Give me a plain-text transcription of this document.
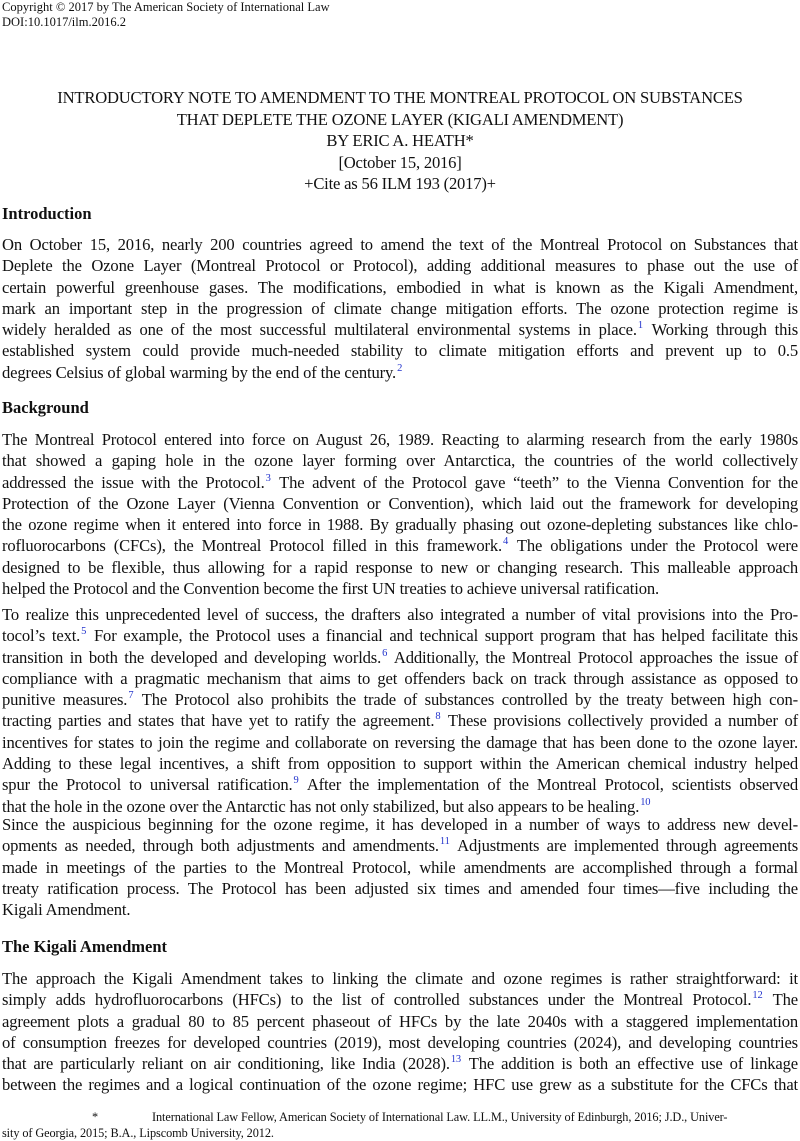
Copyright © 2017 by The American Society of International Law
DOI:10.1017/ilm.2016.2
INTRODUCTORY NOTE TO AMENDMENT TO THE MONTREAL PROTOCOL ON SUBSTANCES
THAT DEPLETE THE OZONE LAYER (KIGALI AMENDMENT)
BY ERIC A. HEATH*
[October 15, 2016]
+Cite as 56 ILM 193 (2017)+
Introduction
On October 15, 2016, nearly 200 countries agreed to amend the text of the Montreal Protocol on Substances that
Deplete the Ozone Layer (Montreal Protocol or Protocol), adding additional measures to phase out the use of
certain powerful greenhouse gases. The modifications, embodied in what is known as the Kigali Amendment,
mark an important step in the progression of climate change mitigation efforts. The ozone protection regime is
widely heralded as one of the most successful multilateral environmental systems in place.$^1$ Working through this
established system could provide much-needed stability to climate mitigation efforts and prevent up to 0.5
degrees Celsius of global warming by the end of the century.$^2$
Background
The Montreal Protocol entered into force on August 26, 1989. Reacting to alarming research from the early 1980s
that showed a gaping hole in the ozone layer forming over Antarctica, the countries of the world collectively
addressed the issue with the Protocol.$^3$ The advent of the Protocol gave “teeth” to the Vienna Convention for the
Protection of the Ozone Layer (Vienna Convention or Convention), which laid out the framework for developing
the ozone regime when it entered into force in 1988. By gradually phasing out ozone-depleting substances like chlo-
rofluorocarbons (CFCs), the Montreal Protocol filled in this framework.$^4$ The obligations under the Protocol were
designed to be flexible, thus allowing for a rapid response to new or changing research. This malleable approach
helped the Protocol and the Convention become the first UN treaties to achieve universal ratification.
To realize this unprecedented level of success, the drafters also integrated a number of vital provisions into the Pro-
tocol’s text.$^5$ For example, the Protocol uses a financial and technical support program that has helped facilitate this
transition in both the developed and developing worlds.$^6$ Additionally, the Montreal Protocol approaches the issue of
compliance with a pragmatic mechanism that aims to get offenders back on track through assistance as opposed to
punitive measures.$^7$ The Protocol also prohibits the trade of substances controlled by the treaty between high con-
tracting parties and states that have yet to ratify the agreement.$^8$ These provisions collectively provided a number of
incentives for states to join the regime and collaborate on reversing the damage that has been done to the ozone layer.
Adding to these legal incentives, a shift from opposition to support within the American chemical industry helped
spur the Protocol to universal ratification.$^9$ After the implementation of the Montreal Protocol, scientists observed
that the hole in the ozone over the Antarctic has not only stabilized, but also appears to be healing.$^{10}$
Since the auspicious beginning for the ozone regime, it has developed in a number of ways to address new devel-
opments as needed, through both adjustments and amendments.$^{11}$ Adjustments are implemented through agreements
made in meetings of the parties to the Montreal Protocol, while amendments are accomplished through a formal
treaty ratification process. The Protocol has been adjusted six times and amended four times—five including the
Kigali Amendment.
The Kigali Amendment
The approach the Kigali Amendment takes to linking the climate and ozone regimes is rather straightforward: it
simply adds hydrofluorocarbons (HFCs) to the list of controlled substances under the Montreal Protocol.$^{12}$ The
agreement plots a gradual 80 to 85 percent phaseout of HFCs by the late 2040s with a staggered implementation
of consumption freezes for developed countries (2019), most developing countries (2024), and developing countries
that are particularly reliant on air conditioning, like India (2028).$^{13}$ The addition is both an effective use of linkage
between the regimes and a logical continuation of the ozone regime; HFC use grew as a substitute for the CFCs that
*	International Law Fellow, American Society of International Law. LL.M., University of Edinburgh, 2016; J.D., Univer-
sity of Georgia, 2015; B.A., Lipscomb University, 2012.
